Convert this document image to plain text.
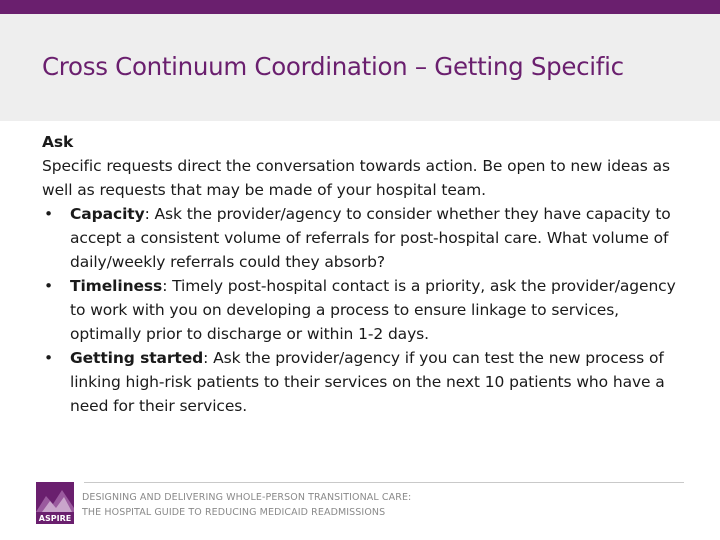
Cross Continuum Coordination – Getting Specific

Ask

Specific requests direct the conversation towards action. Be open to new ideas as well as requests that may be made of your hospital team.

• Capacity: Ask the provider/agency to consider whether they have capacity to accept a consistent volume of referrals for post-hospital care. What volume of daily/weekly referrals could they absorb?
• Timeliness: Timely post-hospital contact is a priority, ask the provider/agency to work with you on developing a process to ensure linkage to services, optimally prior to discharge or within 1-2 days.
• Getting started: Ask the provider/agency if you can test the new process of linking high-risk patients to their services on the next 10 patients who have a need for their services.
ASPIRE
DESIGNING AND DELIVERING WHOLE-PERSON TRANSITIONAL CARE:
THE HOSPITAL GUIDE TO REDUCING MEDICAID READMISSIONS
